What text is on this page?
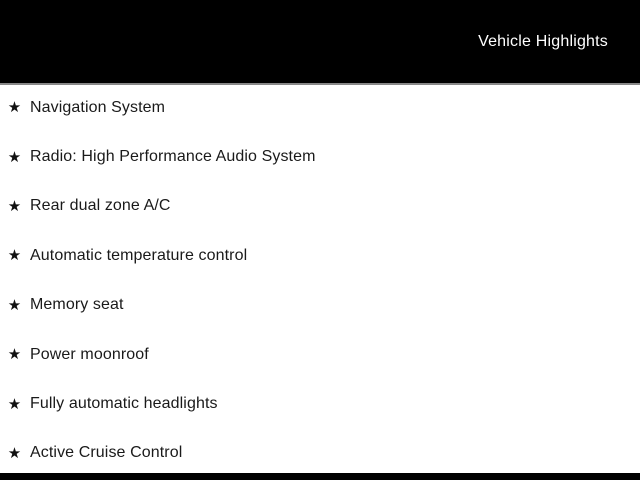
Vehicle Highlights
★ Navigation System
★ Radio: High Performance Audio System
★ Rear dual zone A/C
★ Automatic temperature control
★ Memory seat
★ Power moonroof
★ Fully automatic headlights
★ Active Cruise Control
